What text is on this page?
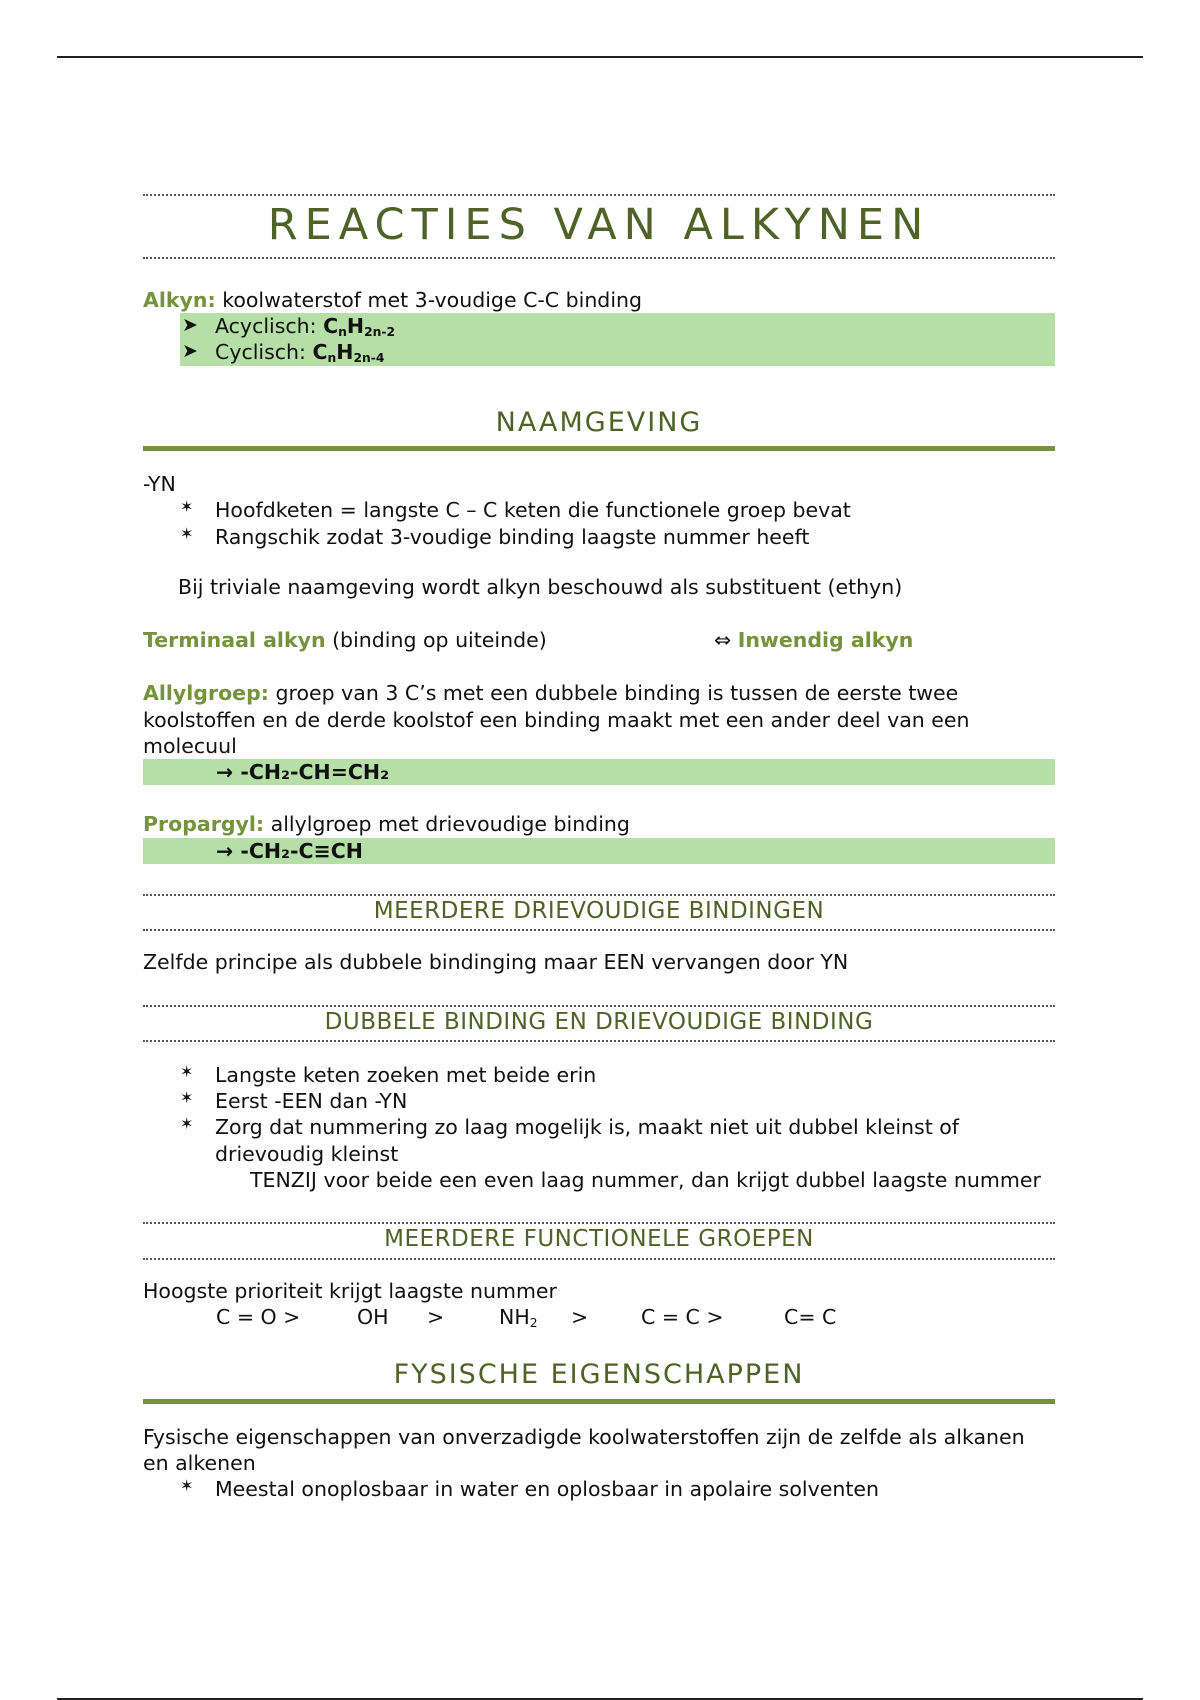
REACTIES VAN ALKYNEN
Alkyn: koolwaterstof met 3-voudige C-C binding
➤ Acyclisch: $C_nH_{2n-2}$
➤ Cyclisch: $C_nH_{2n-4}$
NAAMGEVING
-YN
✶ Hoofdketen = langste C – C keten die functionele groep bevat
✶ Rangschik zodat 3-voudige binding laagste nummer heeft
Bij triviale naamgeving wordt alkyn beschouwd als substituent (ethyn)
Terminaal alkyn (binding op uiteinde)	⇔ Inwendig alkyn
Allylgroep: groep van 3 C’s met een dubbele binding is tussen de eerste twee koolstoffen en de derde koolstof een binding maakt met een ander deel van een molecuul
→ -CH₂-CH=CH₂
Propargyl: allylgroep met drievoudige binding
→ -CH₂-C≡CH
MEERDERE DRIEVOUDIGE BINDINGEN
Zelfde principe als dubbele bindinging maar EEN vervangen door YN
DUBBELE BINDING EN DRIEVOUDIGE BINDING
✶ Langste keten zoeken met beide erin
✶ Eerst -EEN dan -YN
✶ Zorg dat nummering zo laag mogelijk is, maakt niet uit dubbel kleinst of drievoudig kleinst
TENZIJ voor beide een even laag nummer, dan krijgt dubbel laagste nummer
MEERDERE FUNCTIONELE GROEPEN
Hoogste prioriteit krijgt laagste nummer
C = O >	OH	>	$NH_2$	>	C = C >	C= C
FYSISCHE EIGENSCHAPPEN
Fysische eigenschappen van onverzadigde koolwaterstoffen zijn de zelfde als alkanen en alkenen
✶ Meestal onoplosbaar in water en oplosbaar in apolaire solventen
